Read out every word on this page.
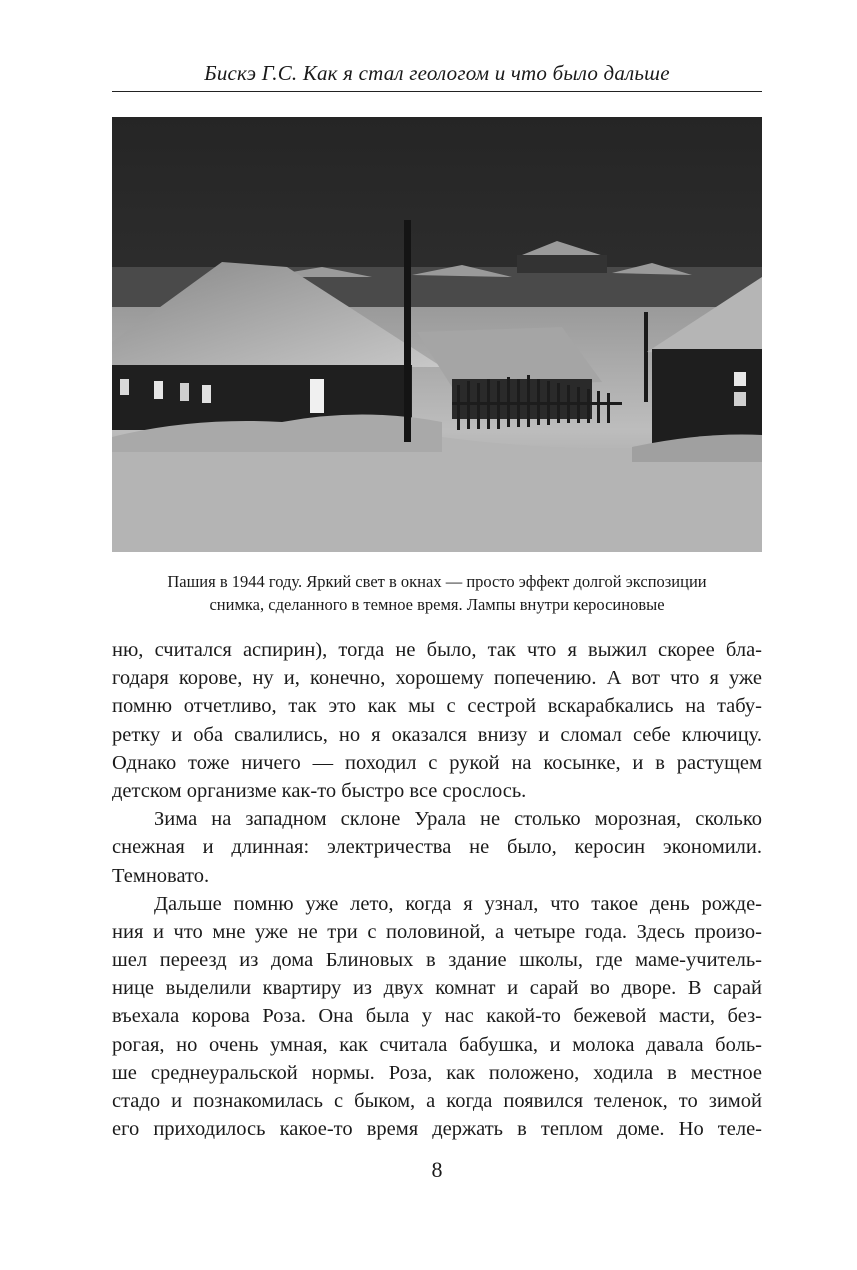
Бискэ Г.С. Как я стал геологом и что было дальше
Пашия в 1944 году. Яркий свет в окнах — просто эффект долгой экспозиции
снимка, сделанного в темное время. Лампы внутри керосиновые
ню, считался аспирин), тогда не было, так что я выжил скорее бла-
годаря корове, ну и, конечно, хорошему попечению. А вот что я уже
помню отчетливо, так это как мы с сестрой вскарабкались на табу-
ретку и оба свалились, но я оказался внизу и сломал себе ключицу.
Однако тоже ничего — походил с рукой на косынке, и в растущем
детском организме как-то быстро все срослось.
Зима на западном склоне Урала не столько морозная, сколько
снежная и длинная: электричества не было, керосин экономили.
Темновато.
Дальше помню уже лето, когда я узнал, что такое день рожде-
ния и что мне уже не три с половиной, а четыре года. Здесь произо-
шел переезд из дома Блиновых в здание школы, где маме-учитель-
нице выделили квартиру из двух комнат и сарай во дворе. В сарай
въехала корова Роза. Она была у нас какой-то бежевой масти, без-
рогая, но очень умная, как считала бабушка, и молока давала боль-
ше среднеуральской нормы. Роза, как положено, ходила в местное
стадо и познакомилась с быком, а когда появился теленок, то зимой
его приходилось какое-то время держать в теплом доме. Но теле-
8
